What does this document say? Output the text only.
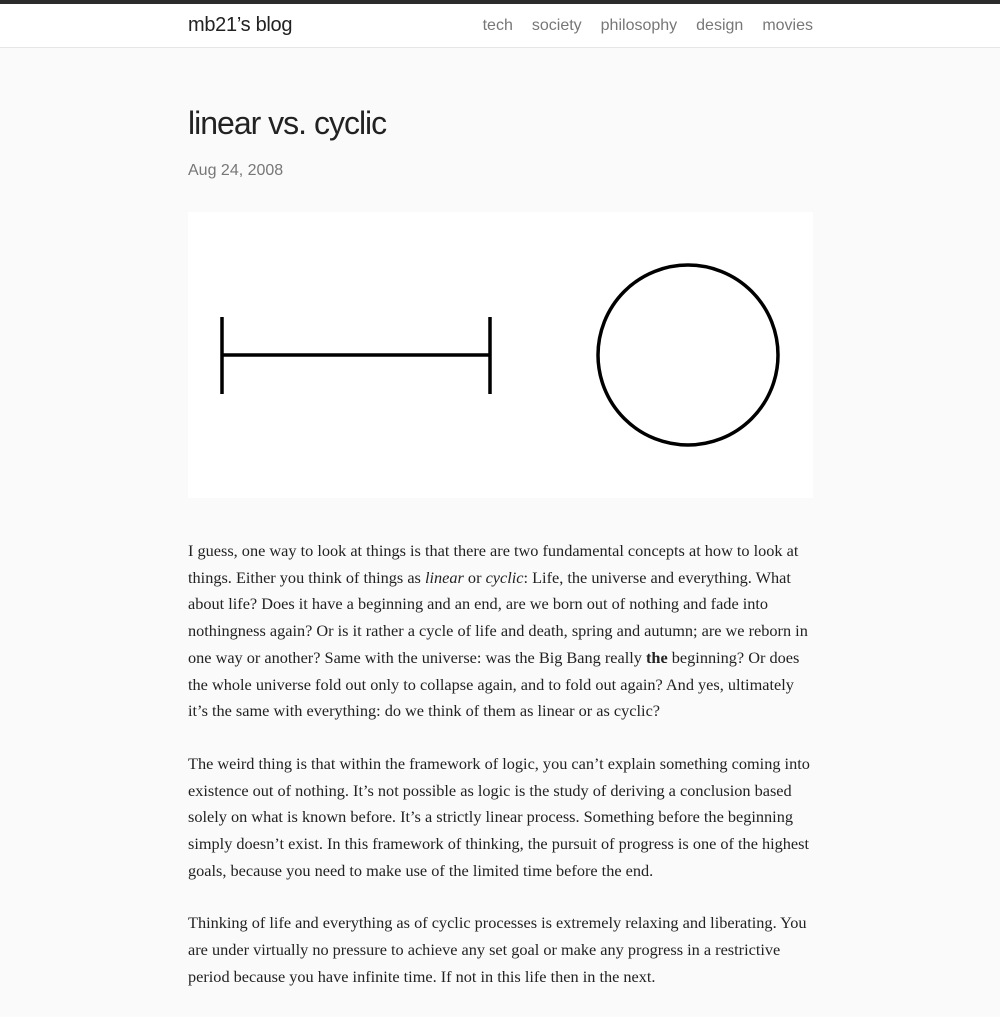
mb21’s blog	tech society philosophy design movies
linear vs. cyclic
Aug 24, 2008

I guess, one way to look at things is that there are two fundamental concepts at how to look at things. Either you think of things as linear or cyclic: Life, the universe and everything. What about life? Does it have a beginning and an end, are we born out of nothing and fade into nothingness again? Or is it rather a cycle of life and death, spring and autumn; are we reborn in one way or another? Same with the universe: was the Big Bang really the beginning? Or does the whole universe fold out only to collapse again, and to fold out again? And yes, ultimately it’s the same with everything: do we think of them as linear or as cyclic?

The weird thing is that within the framework of logic, you can’t explain something coming into existence out of nothing. It’s not possible as logic is the study of deriving a conclusion based solely on what is known before. It’s a strictly linear process. Something before the beginning simply doesn’t exist. In this framework of thinking, the pursuit of progress is one of the highest goals, because you need to make use of the limited time before the end.

Thinking of life and everything as of cyclic processes is extremely relaxing and liberating. You are under virtually no pressure to achieve any set goal or make any progress in a restrictive period because you have infinite time. If not in this life then in the next.
